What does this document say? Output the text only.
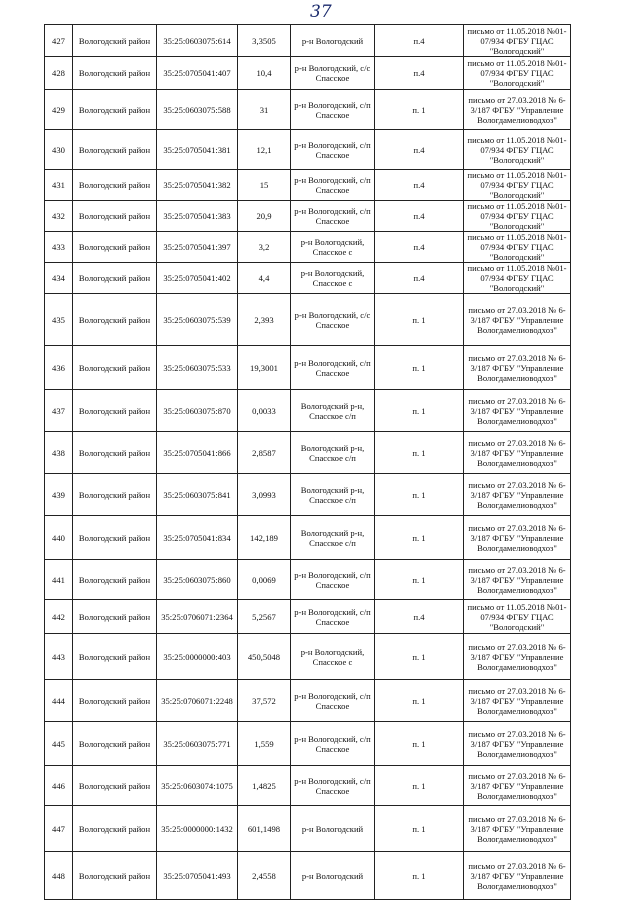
37
427	Вологодский район	35:25:0603075:614	3,3505	р-н Вологодский	п.4	письмо от 11.05.2018 №01-07/934 ФГБУ ГЦАС "Вологодский"
428	Вологодский район	35:25:0705041:407	10,4	р-н Вологодский, с/с Спасское	п.4	письмо от 11.05.2018 №01-07/934 ФГБУ ГЦАС "Вологодский"
429	Вологодский район	35:25:0603075:588	31	р-н Вологодский, с/п Спасское	п. 1	письмо от 27.03.2018 № 6-3/187 ФГБУ "Управление Вологдамелиоводхоз"
430	Вологодский район	35:25:0705041:381	12,1	р-н Вологодский, с/п Спасское	п.4	письмо от 11.05.2018 №01-07/934 ФГБУ ГЦАС "Вологодский"
431	Вологодский район	35:25:0705041:382	15	р-н Вологодский, с/п Спасское	п.4	письмо от 11.05.2018 №01-07/934 ФГБУ ГЦАС "Вологодский"
432	Вологодский район	35:25:0705041:383	20,9	р-н Вологодский, с/п Спасское	п.4	письмо от 11.05.2018 №01-07/934 ФГБУ ГЦАС "Вологодский"
433	Вологодский район	35:25:0705041:397	3,2	р-н Вологодский, Спасское с	п.4	письмо от 11.05.2018 №01-07/934 ФГБУ ГЦАС "Вологодский"
434	Вологодский район	35:25:0705041:402	4,4	р-н Вологодский, Спасское с	п.4	письмо от 11.05.2018 №01-07/934 ФГБУ ГЦАС "Вологодский"
435	Вологодский район	35:25:0603075:539	2,393	р-н Вологодский, с/с Спасское	п. 1	письмо от 27.03.2018 № 6-3/187 ФГБУ "Управление Вологдамелиоводхоз"
436	Вологодский район	35:25:0603075:533	19,3001	р-н Вологодский, с/п Спасское	п. 1	письмо от 27.03.2018 № 6-3/187 ФГБУ "Управление Вологдамелиоводхоз"
437	Вологодский район	35:25:0603075:870	0,0033	Вологодский р-н, Спасское с/п	п. 1	письмо от 27.03.2018 № 6-3/187 ФГБУ "Управление Вологдамелиоводхоз"
438	Вологодский район	35:25:0705041:866	2,8587	Вологодский р-н, Спасское с/п	п. 1	письмо от 27.03.2018 № 6-3/187 ФГБУ "Управление Вологдамелиоводхоз"
439	Вологодский район	35:25:0603075:841	3,0993	Вологодский р-н, Спасское с/п	п. 1	письмо от 27.03.2018 № 6-3/187 ФГБУ "Управление Вологдамелиоводхоз"
440	Вологодский район	35:25:0705041:834	142,189	Вологодский р-н, Спасское с/п	п. 1	письмо от 27.03.2018 № 6-3/187 ФГБУ "Управление Вологдамелиоводхоз"
441	Вологодский район	35:25:0603075:860	0,0069	р-н Вологодский, с/п Спасское	п. 1	письмо от 27.03.2018 № 6-3/187 ФГБУ "Управление Вологдамелиоводхоз"
442	Вологодский район	35:25:0706071:2364	5,2567	р-н Вологодский, с/п Спасское	п.4	письмо от 11.05.2018 №01-07/934 ФГБУ ГЦАС "Вологодский"
443	Вологодский район	35:25:0000000:403	450,5048	р-н Вологодский, Спасское с	п. 1	письмо от 27.03.2018 № 6-3/187 ФГБУ "Управление Вологдамелиоводхоз"
444	Вологодский район	35:25:0706071:2248	37,572	р-н Вологодский, с/п Спасское	п. 1	письмо от 27.03.2018 № 6-3/187 ФГБУ "Управление Вологдамелиоводхоз"
445	Вологодский район	35:25:0603075:771	1,559	р-н Вологодский, с/п Спасское	п. 1	письмо от 27.03.2018 № 6-3/187 ФГБУ "Управление Вологдамелиоводхоз"
446	Вологодский район	35:25:0603074:1075	1,4825	р-н Вологодский, с/п Спасское	п. 1	письмо от 27.03.2018 № 6-3/187 ФГБУ "Управление Вологдамелиоводхоз"
447	Вологодский район	35:25:0000000:1432	601,1498	р-н Вологодский	п. 1	письмо от 27.03.2018 № 6-3/187 ФГБУ "Управление Вологдамелиоводхоз"
448	Вологодский район	35:25:0705041:493	2,4558	р-н Вологодский	п. 1	письмо от 27.03.2018 № 6-3/187 ФГБУ "Управление Вологдамелиоводхоз"
